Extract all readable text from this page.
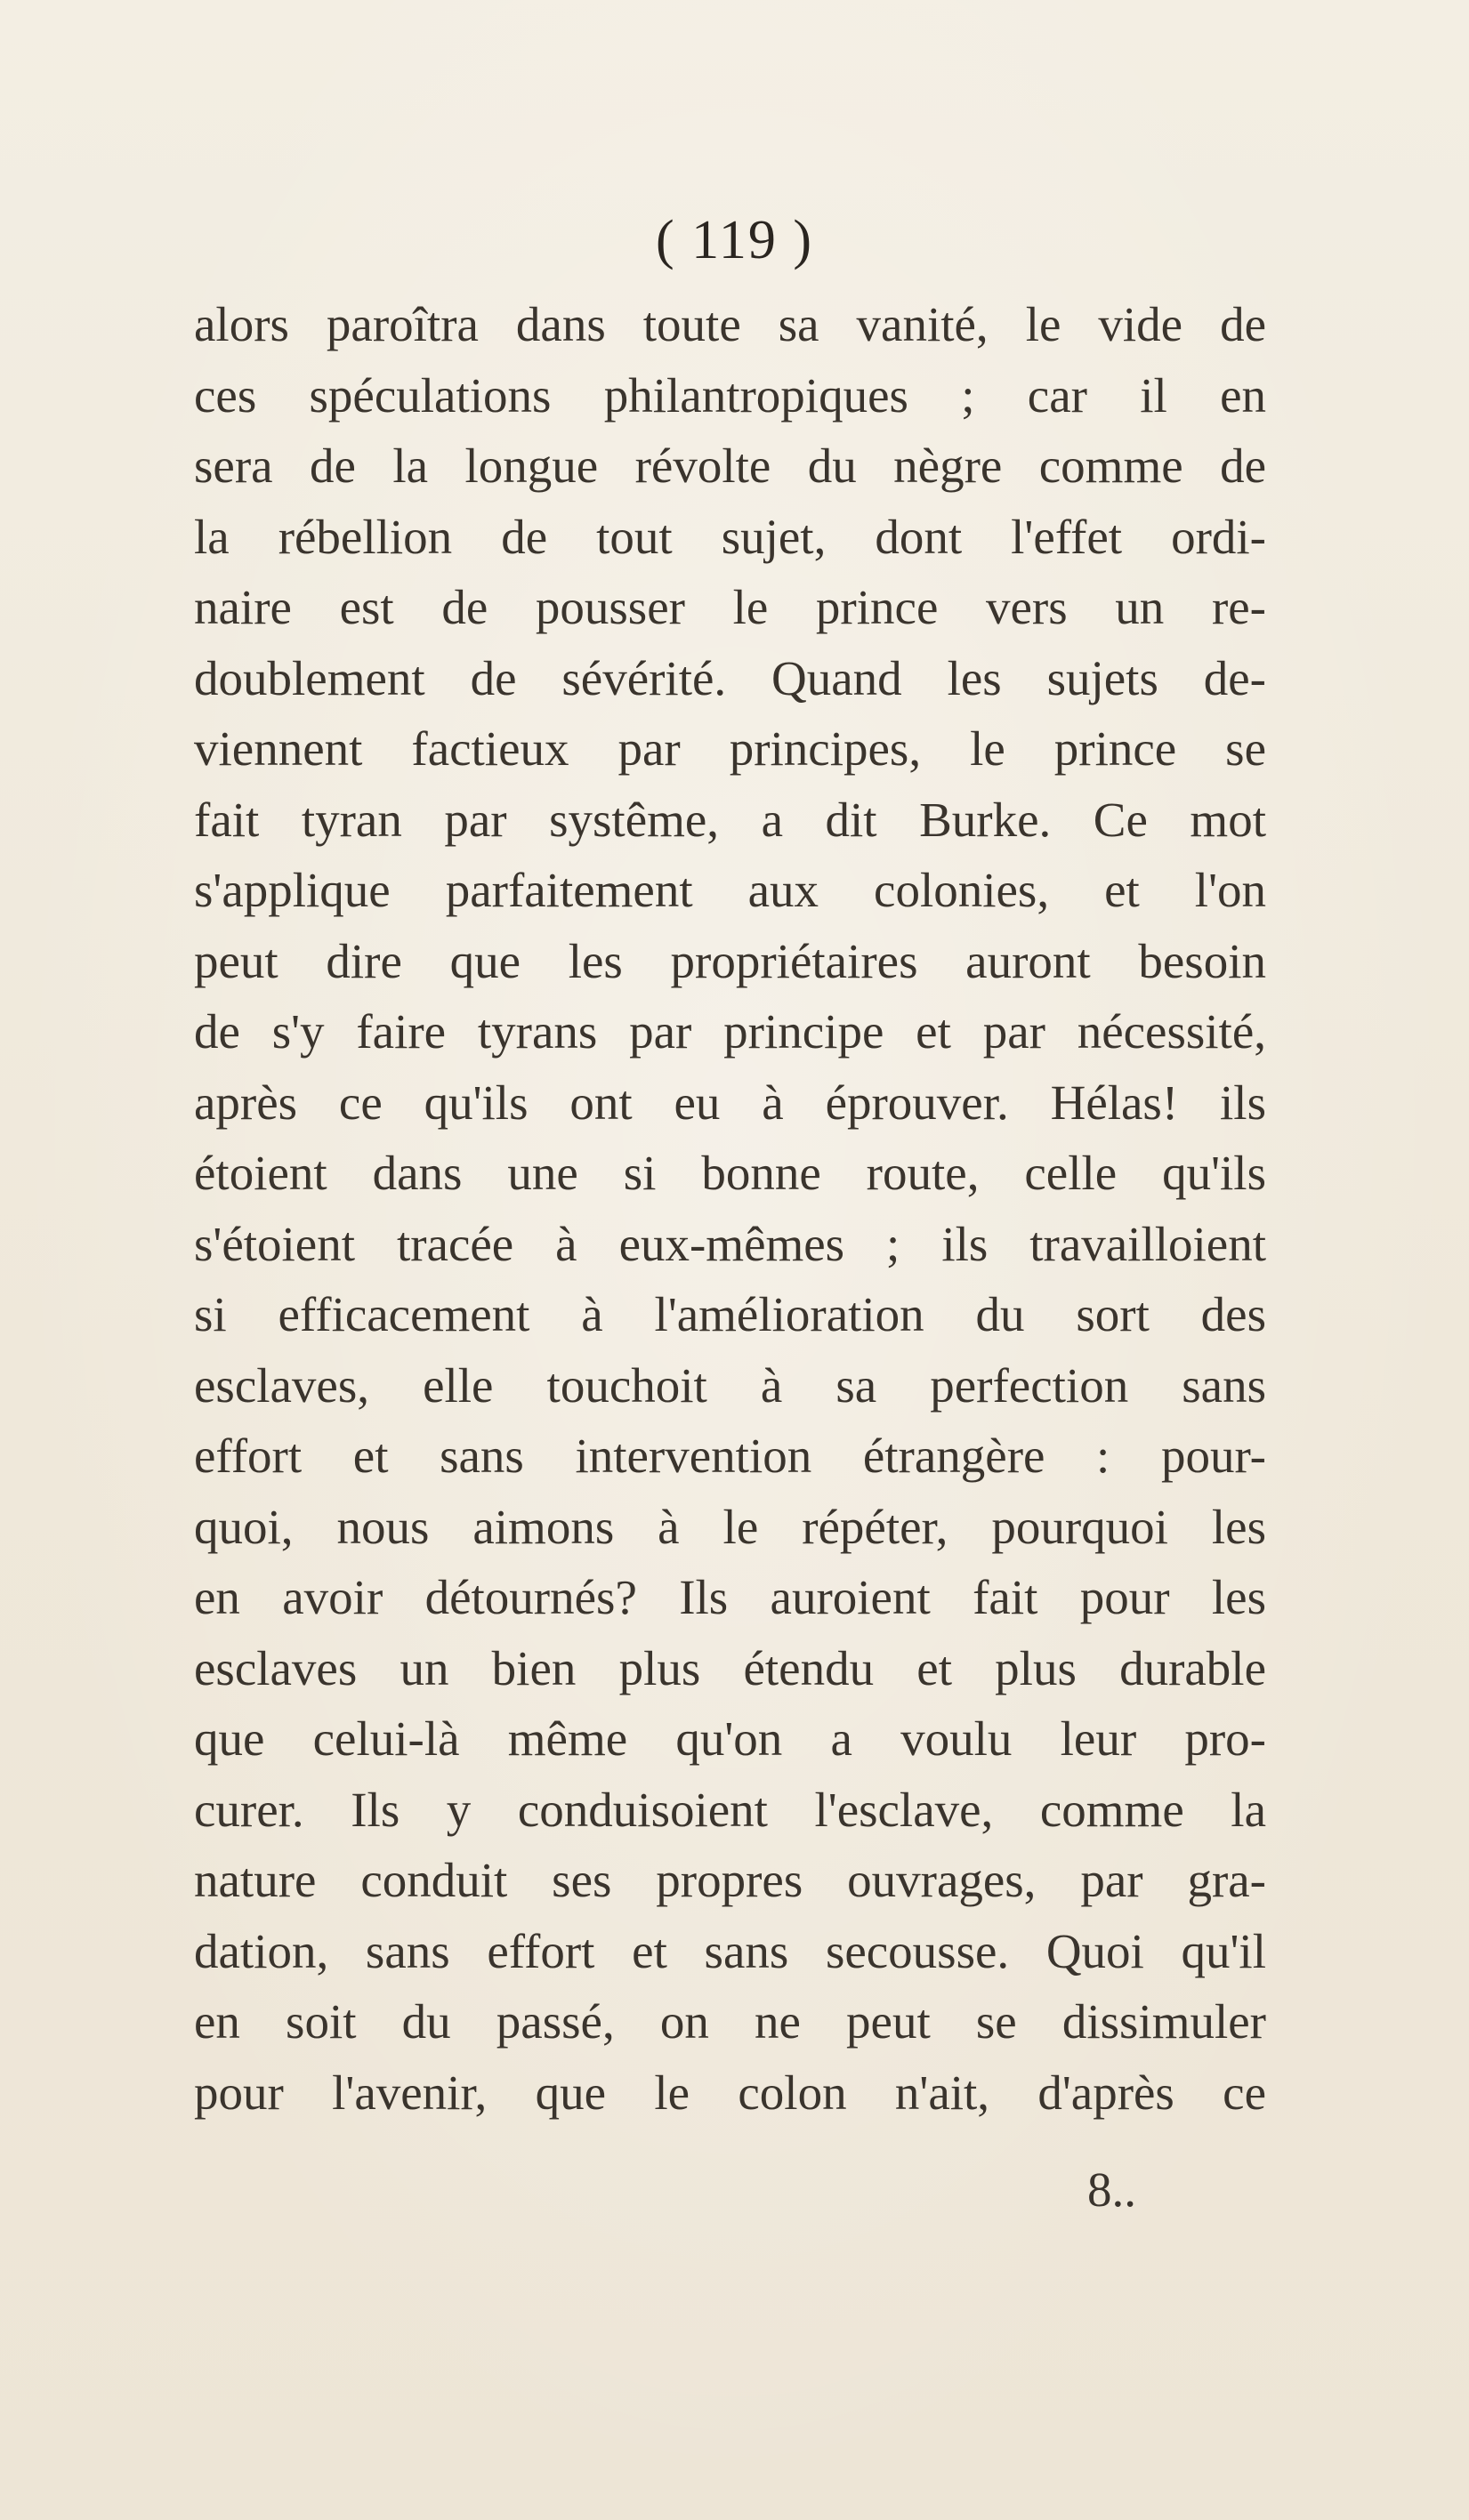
( 119 )
alors paroîtra dans toute sa vanité, le vide de
ces spéculations philantropiques ; car il en
sera de la longue révolte du nègre comme de
la rébellion de tout sujet, dont l'effet ordi-
naire est de pousser le prince vers un re-
doublement de sévérité. Quand les sujets de-
viennent factieux par principes, le prince se
fait tyran par systême, a dit Burke. Ce mot
s'applique parfaitement aux colonies, et l'on
peut dire que les propriétaires auront besoin
de s'y faire tyrans par principe et par nécessité,
après ce qu'ils ont eu à éprouver. Hélas! ils
étoient dans une si bonne route, celle qu'ils
s'étoient tracée à eux-mêmes ; ils travailloient
si efficacement à l'amélioration du sort des
esclaves, elle touchoit à sa perfection sans
effort et sans intervention étrangère : pour-
quoi, nous aimons à le répéter, pourquoi les
en avoir détournés? Ils auroient fait pour les
esclaves un bien plus étendu et plus durable
que celui-là même qu'on a voulu leur pro-
curer. Ils y conduisoient l'esclave, comme la
nature conduit ses propres ouvrages, par gra-
dation, sans effort et sans secousse. Quoi qu'il
en soit du passé, on ne peut se dissimuler
pour l'avenir, que le colon n'ait, d'après ce
8..
